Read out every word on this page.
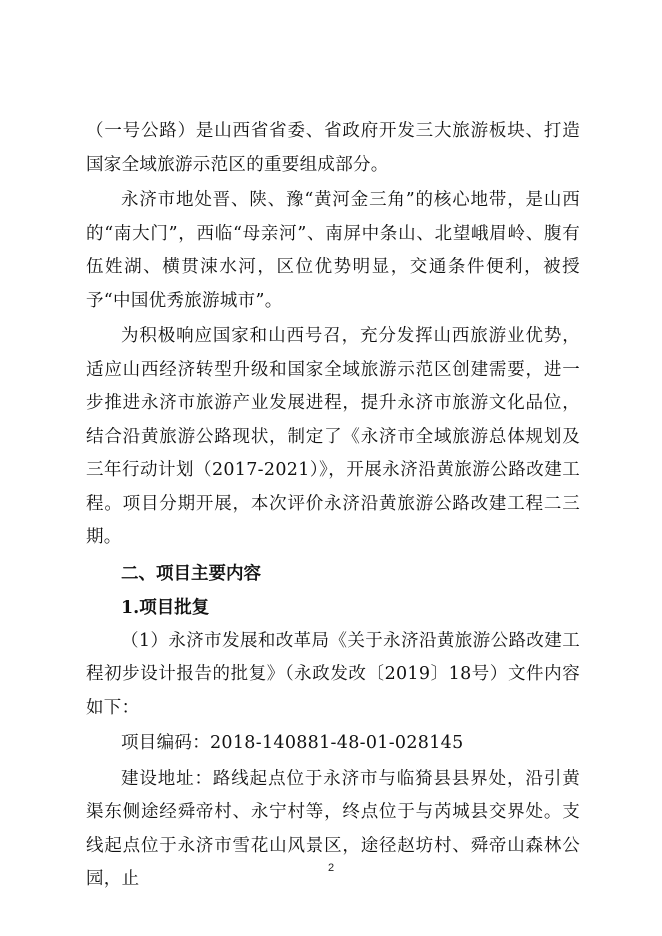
（一号公路）是山西省省委、省政府开发三大旅游板块、打造国家全域旅游示范区的重要组成部分。

永济市地处晋、陕、豫“黄河金三角”的核心地带，是山西的“南大门”，西临“母亲河”、南屏中条山、北望峨眉岭、腹有伍姓湖、横贯涑水河，区位优势明显，交通条件便利，被授予“中国优秀旅游城市”。

为积极响应国家和山西号召，充分发挥山西旅游业优势，适应山西经济转型升级和国家全域旅游示范区创建需要，进一步推进永济市旅游产业发展进程，提升永济市旅游文化品位，结合沿黄旅游公路现状，制定了《永济市全域旅游总体规划及三年行动计划（2017-2021）》，开展永济沿黄旅游公路改建工程。项目分期开展，本次评价永济沿黄旅游公路改建工程二三期。

二、项目主要内容

1.项目批复

（1）永济市发展和改革局《关于永济沿黄旅游公路改建工程初步设计报告的批复》（永政发改〔2019〕18号）文件内容如下：

项目编码：2018-140881-48-01-028145

建设地址：路线起点位于永济市与临猗县县界处，沿引黄渠东侧途经舜帝村、永宁村等，终点位于与芮城县交界处。支线起点位于永济市雪花山风景区，途径赵坊村、舜帝山森林公园，止

2
